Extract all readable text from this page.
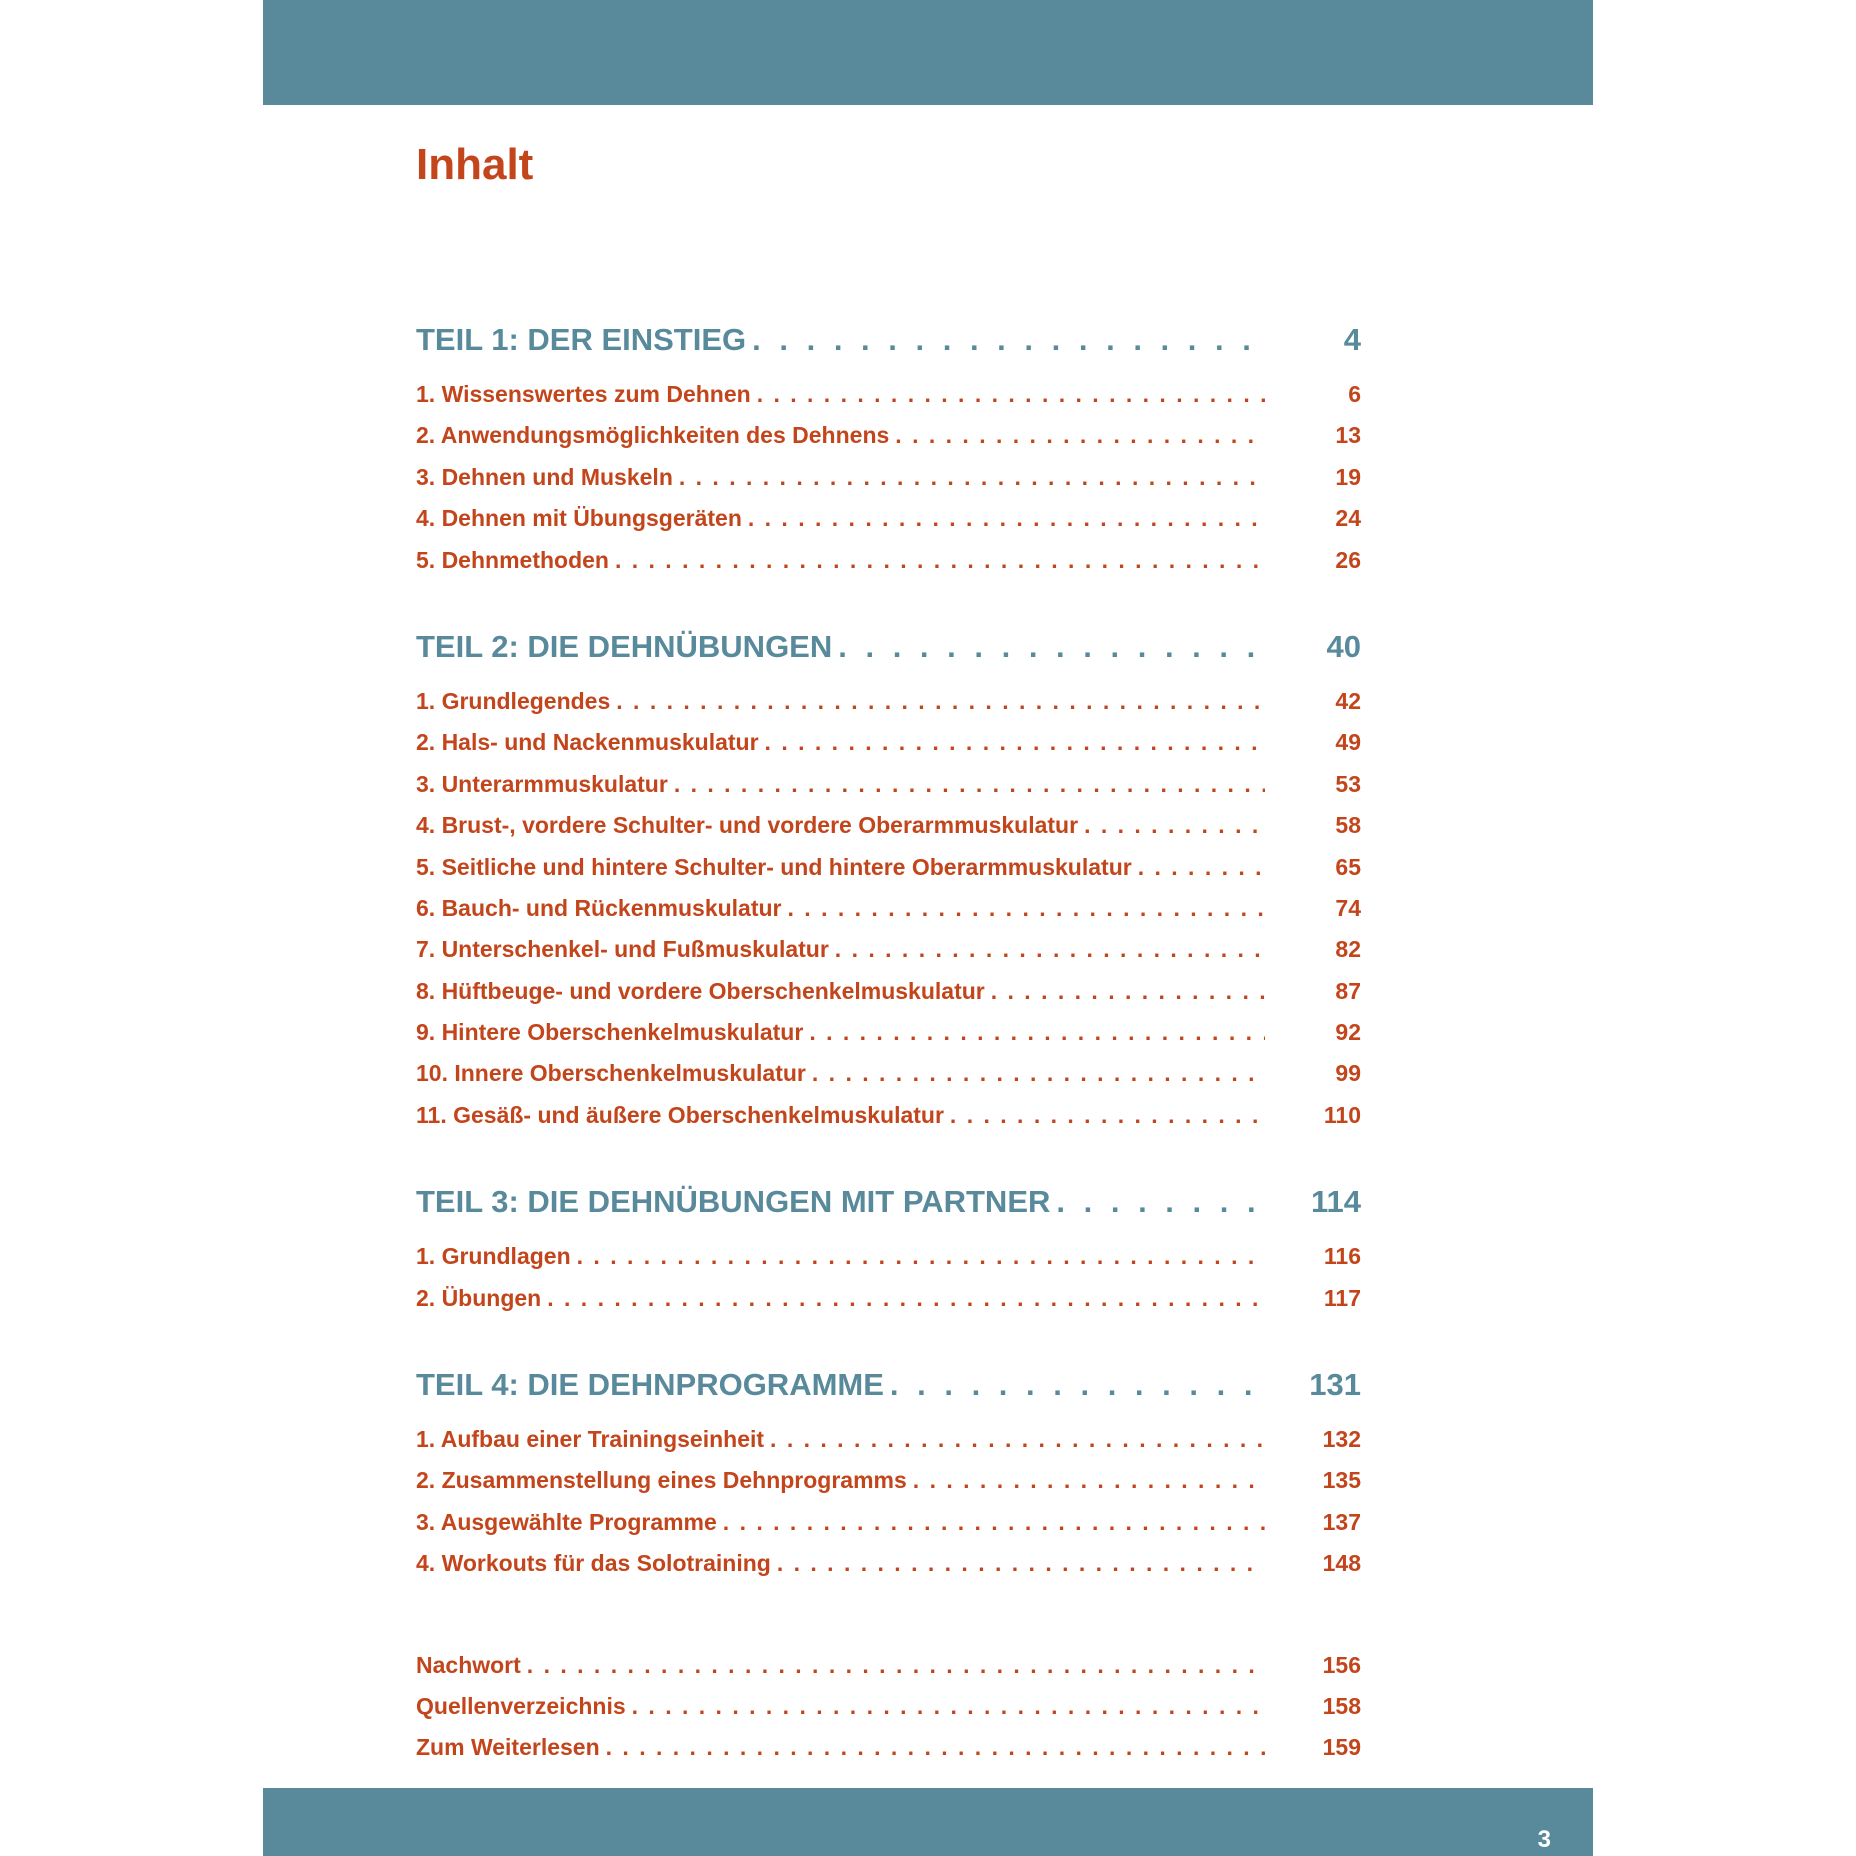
Inhalt
TEIL 1: DER EINSTIEG . . .	4
1. Wissenswertes zum Dehnen . . .	6
2. Anwendungsmöglichkeiten des Dehnens . . .	13
3. Dehnen und Muskeln . . .	19
4. Dehnen mit Übungsgeräten . . .	24
5. Dehnmethoden . . .	26
TEIL 2: DIE DEHNÜBUNGEN . . .	40
1. Grundlegendes . . .	42
2. Hals- und Nackenmuskulatur . . .	49
3. Unterarmmuskulatur . . .	53
4. Brust-, vordere Schulter- und vordere Oberarmmuskulatur . . .	58
5. Seitliche und hintere Schulter- und hintere Oberarmmuskulatur . . .	65
6. Bauch- und Rückenmuskulatur . . .	74
7. Unterschenkel- und Fußmuskulatur . . .	82
8. Hüftbeuge- und vordere Oberschenkelmuskulatur . . .	87
9. Hintere Oberschenkelmuskulatur . . .	92
10. Innere Oberschenkelmuskulatur . . .	99
11. Gesäß- und äußere Oberschenkelmuskulatur . . .	110
TEIL 3: DIE DEHNÜBUNGEN MIT PARTNER . . .	114
1. Grundlagen . . .	116
2. Übungen . . .	117
TEIL 4: DIE DEHNPROGRAMME . . .	131
1. Aufbau einer Trainingseinheit . . .	132
2. Zusammenstellung eines Dehnprogramms . . .	135
3. Ausgewählte Programme . . .	137
4. Workouts für das Solotraining . . .	148
Nachwort . . .	156
Quellenverzeichnis . . .	158
Zum Weiterlesen . . .	159
3
